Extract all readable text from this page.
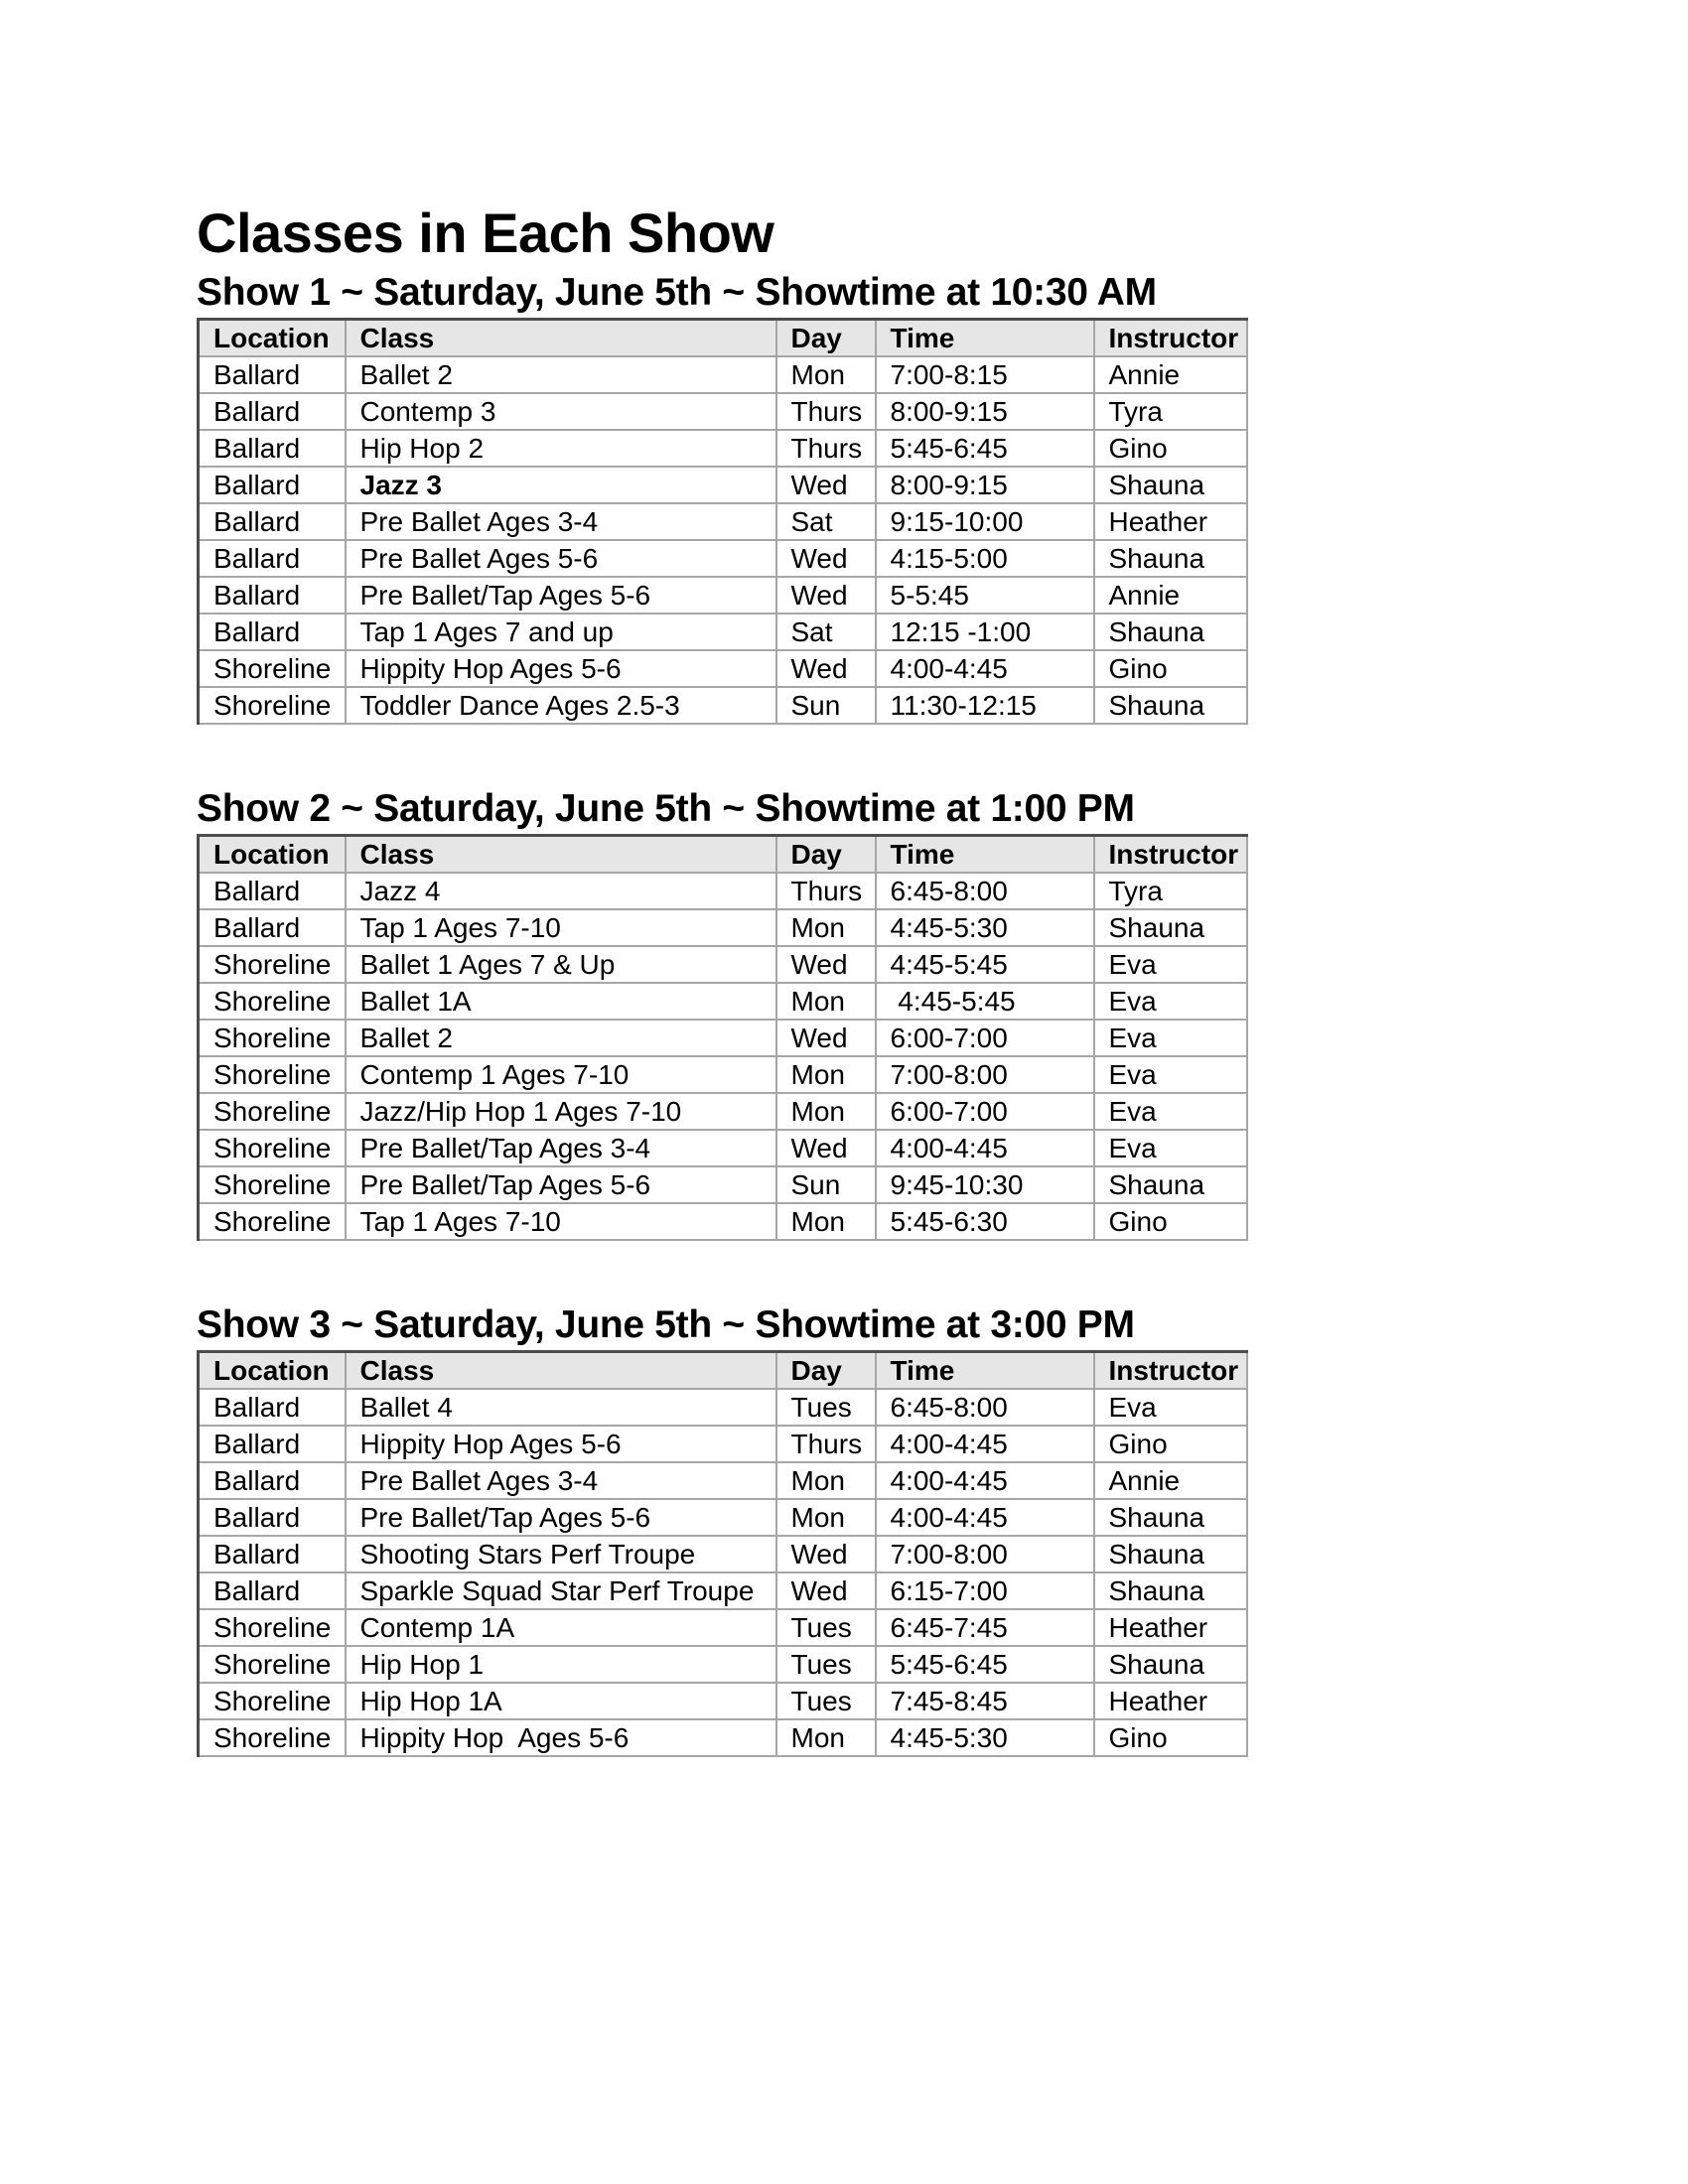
Classes in Each Show
Show 1 ~ Saturday, June 5th ~ Showtime at 10:30 AM
Location	Class	Day	Time	Instructor
Ballard	Ballet 2	Mon	7:00-8:15	Annie
Ballard	Contemp 3	Thurs	8:00-9:15	Tyra
Ballard	Hip Hop 2	Thurs	5:45-6:45	Gino
Ballard	Jazz 3	Wed	8:00-9:15	Shauna
Ballard	Pre Ballet Ages 3-4	Sat	9:15-10:00	Heather
Ballard	Pre Ballet Ages 5-6	Wed	4:15-5:00	Shauna
Ballard	Pre Ballet/Tap Ages 5-6	Wed	5-5:45	Annie
Ballard	Tap 1 Ages 7 and up	Sat	12:15 -1:00	Shauna
Shoreline	Hippity Hop Ages 5-6	Wed	4:00-4:45	Gino
Shoreline	Toddler Dance Ages 2.5-3	Sun	11:30-12:15	Shauna
Show 2 ~ Saturday, June 5th ~ Showtime at 1:00 PM
Location	Class	Day	Time	Instructor
Ballard	Jazz 4	Thurs	6:45-8:00	Tyra
Ballard	Tap 1 Ages 7-10	Mon	4:45-5:30	Shauna
Shoreline	Ballet 1 Ages 7 & Up	Wed	4:45-5:45	Eva
Shoreline	Ballet 1A	Mon	4:45-5:45	Eva
Shoreline	Ballet 2	Wed	6:00-7:00	Eva
Shoreline	Contemp 1 Ages 7-10	Mon	7:00-8:00	Eva
Shoreline	Jazz/Hip Hop 1 Ages 7-10	Mon	6:00-7:00	Eva
Shoreline	Pre Ballet/Tap Ages 3-4	Wed	4:00-4:45	Eva
Shoreline	Pre Ballet/Tap Ages 5-6	Sun	9:45-10:30	Shauna
Shoreline	Tap 1 Ages 7-10	Mon	5:45-6:30	Gino
Show 3 ~ Saturday, June 5th ~ Showtime at 3:00 PM
Location	Class	Day	Time	Instructor
Ballard	Ballet 4	Tues	6:45-8:00	Eva
Ballard	Hippity Hop Ages 5-6	Thurs	4:00-4:45	Gino
Ballard	Pre Ballet Ages 3-4	Mon	4:00-4:45	Annie
Ballard	Pre Ballet/Tap Ages 5-6	Mon	4:00-4:45	Shauna
Ballard	Shooting Stars Perf Troupe	Wed	7:00-8:00	Shauna
Ballard	Sparkle Squad Star Perf Troupe	Wed	6:15-7:00	Shauna
Shoreline	Contemp 1A	Tues	6:45-7:45	Heather
Shoreline	Hip Hop 1	Tues	5:45-6:45	Shauna
Shoreline	Hip Hop 1A	Tues	7:45-8:45	Heather
Shoreline	Hippity Hop  Ages 5-6	Mon	4:45-5:30	Gino
